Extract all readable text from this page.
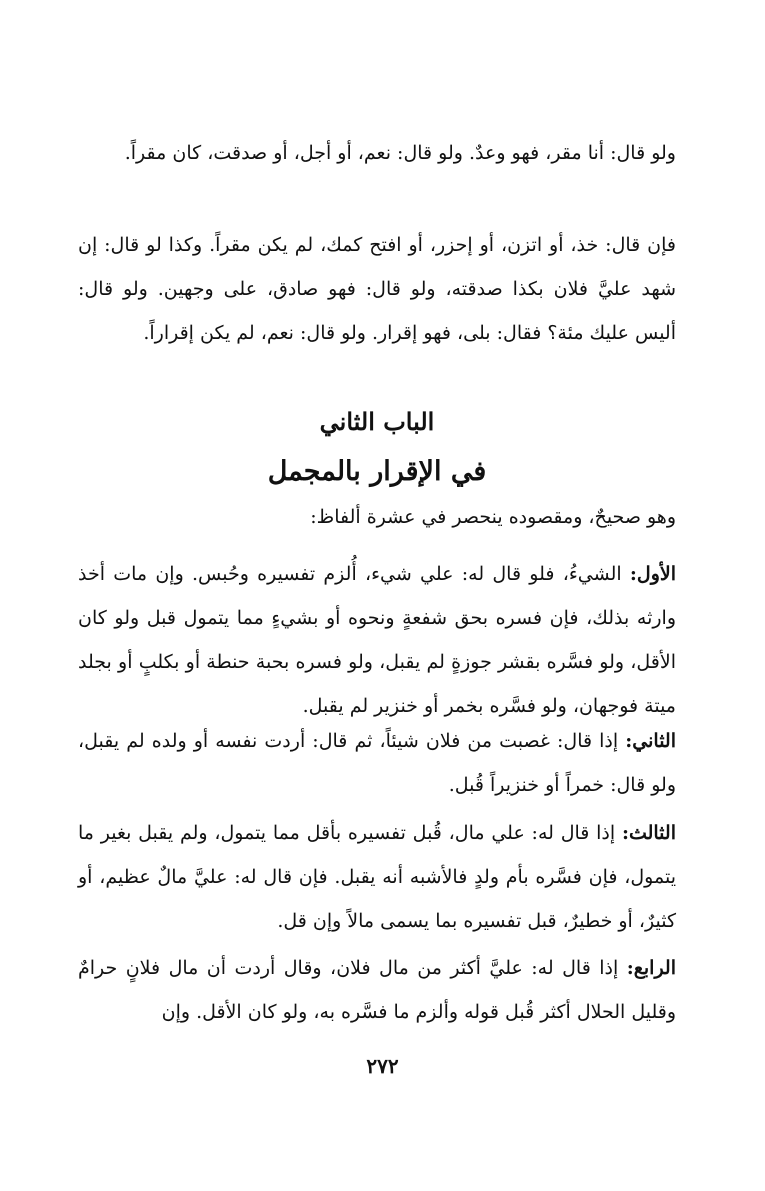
ولو قال: أنا مقر، فهو وعدٌ. ولو قال: نعم، أو أجل، أو صدقت، كان مقراً.

فإن قال: خذ، أو اتزن، أو إحزر، أو افتح كمك، لم يكن مقراً. وكذا لو قال: إن شهد عليَّ فلان بكذا صدقته، ولو قال: فهو صادق، على وجهين. ولو قال: أليس عليك مئة؟ فقال: بلى، فهو إقرار. ولو قال: نعم، لم يكن إقراراً.

الباب الثاني
في الإقرار بالمجمل

وهو صحيحٌ، ومقصوده ينحصر في عشرة ألفاظ:

الأول: الشيءُ، فلو قال له: علي شيء، أُلزم تفسيره وحُبس. وإن مات أخذ وارثه بذلك، فإن فسره بحق شفعةٍ ونحوه أو بشيءٍ مما يتمول قبل ولو كان الأقل، ولو فسَّره بقشر جوزةٍ لم يقبل، ولو فسره بحبة حنطة أو بكلبٍ أو بجلد ميتة فوجهان، ولو فسَّره بخمر أو خنزير لم يقبل.

الثاني: إذا قال: غصبت من فلان شيئاً، ثم قال: أردت نفسه أو ولده لم يقبل، ولو قال: خمراً أو خنزيراً قُبل.

الثالث: إذا قال له: علي مال، قُبل تفسيره بأقل مما يتمول، ولم يقبل بغير ما يتمول، فإن فسَّره بأم ولدٍ فالأشبه أنه يقبل. فإن قال له: عليَّ مالٌ عظيم، أو كثيرٌ، أو خطيرٌ، قبل تفسيره بما يسمى مالاً وإن قل.

الرابع: إذا قال له: عليَّ أكثر من مال فلان، وقال أردت أن مال فلانٍ حرامٌ وقليل الحلال أكثر قُبل قوله وألزم ما فسَّره به، ولو كان الأقل. وإن

٢٧٢
